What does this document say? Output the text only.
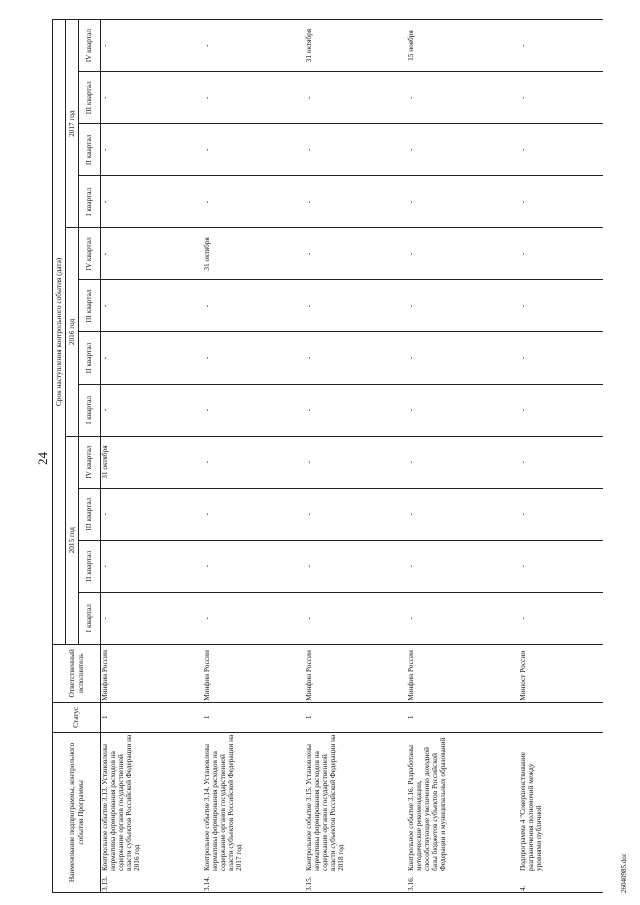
24
Наименование подпрограммы, контрольного события Программы	Статус	Ответственный исполнитель	Срок наступления контрольного события (дата)											
			2015 год				2016 год				2017 год			
			I квартал	II квартал	III квартал	IV квартал	I квартал	II квартал	III квартал	IV квартал	I квартал	II квартал	III квартал	IV квартал

3.13.
Контрольное событие 3.13. Установлены нормативы формирования расходов на содержание органов государственной власти субъектов Российской Федерации на 2016 год	1	Минфин России	-	-	-	31 октября	-	-	-	-	-	-	-	-

3.14.
Контрольное событие 3.14. Установлены нормативы формирования расходов на содержание органов государственной власти субъектов Российской Федерации на 2017 год	1	Минфин России	-	-	-	-	-	-	-	31 октября	-	-	-	-

3.15.
Контрольное событие 3.15. Установлены нормативы формирования расходов на содержание органов государственной власти субъектов Российской Федерации на 2018 год	1	Минфин России	-	-	-	-	-	-	-	-	-	-	-	31 октября

3.16.
Контрольное событие 3.16. Разработаны методические рекомендации, способствующие увеличению доходной базы бюджетов субъектов Российской Федерации и муниципальных образований	1	Минфин России	-	-	-	-	-	-	-	-	-	-	-	15 ноября

4.
Подпрограмма 4 "Совершенствование разграничения полномочий между уровнями публичной		Минюст России	-	-	-	-	-	-	-	-	-	-	-	-
26040985.doc
